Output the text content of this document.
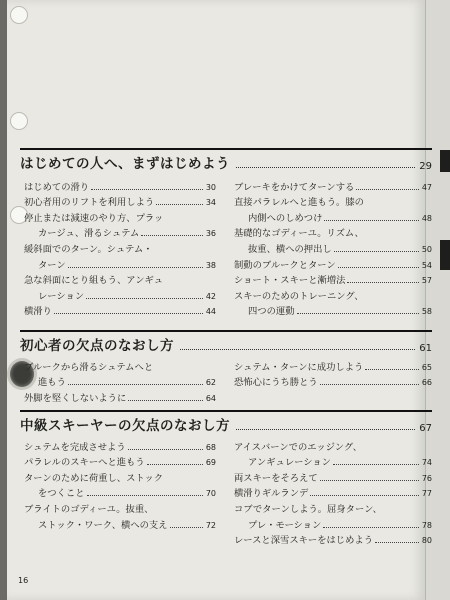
はじめての人へ、まずはじめよう	29
はじめての滑り	30
初心者用のリフトを利用しよう	34
停止または減速のやり方、プラッ
カージュ、滑るシュテム	36
緩斜面でのターン。シュテム・
ターン	38
急な斜面にとり組もう、アンギュ
レーション	42
横滑り	44
ブレーキをかけてターンする	47
直接パラレルへと進もう。膝の
内側へのしめつけ	48
基礎的なゴディーユ。リズム、
抜重、横への押出し	50
制動のブルークとターン	54
ショート・スキーと漸増法	57
スキーのためのトレーニング、
四つの運動	58
初心者の欠点のなおし方	61
ブルークから滑るシュテムへと
進もう	62
外脚を堅くしないように	64
シュテム・ターンに成功しよう	65
恐怖心にうち勝とう	66
中級スキーヤーの欠点のなおし方	67
シュテムを完成させよう	68
パラレルのスキーへと進もう	69
ターンのために荷重し、ストック
をつくこと	70
ブライトのゴディーユ。抜重、
ストック・ワーク、横への支え	72
アイスバーンでのエッジング、
アンギュレーション	74
両スキーをそろえて	76
横滑りギルランデ	77
コブでターンしよう。屈身ターン、
プレ・モーション	78
レースと深雪スキーをはじめよう	80
16
